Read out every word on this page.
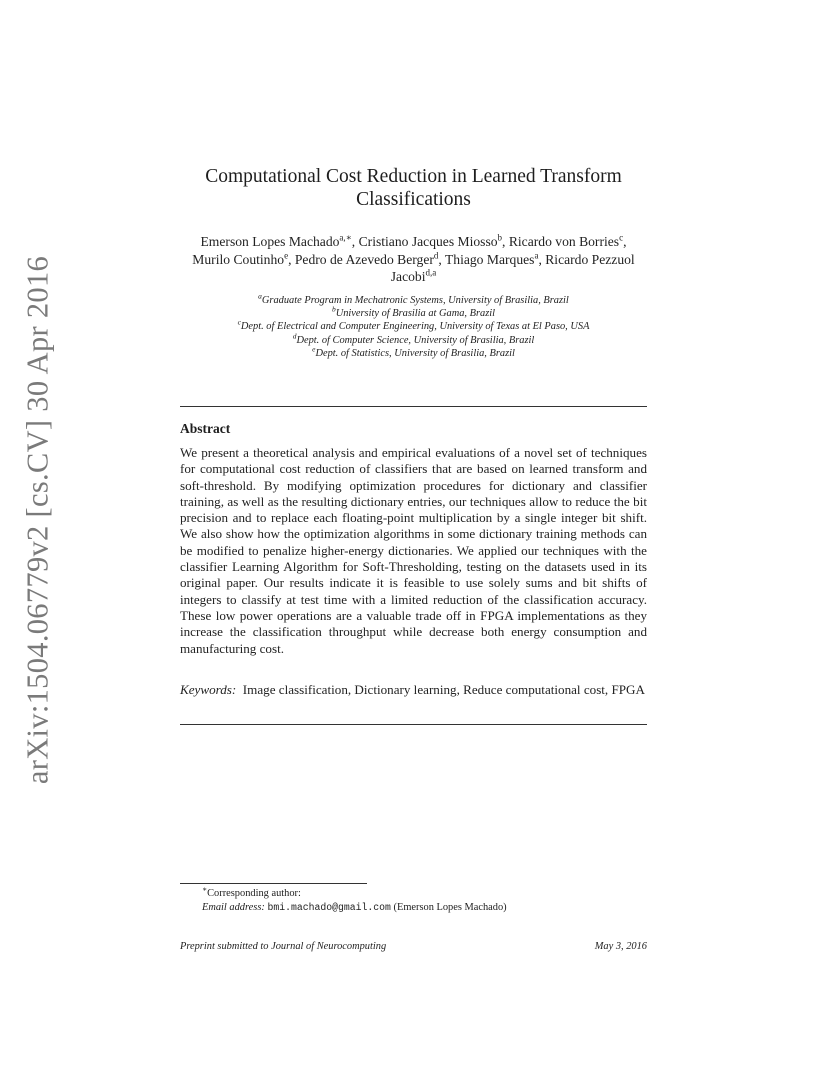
arXiv:1504.06779v2 [cs.CV] 30 Apr 2016
Computational Cost Reduction in Learned Transform Classifications
Emerson Lopes Machado$^{a,∗}$, Cristiano Jacques Miosso$^b$, Ricardo von Borries$^c$,
Murilo Coutinho$^e$, Pedro de Azevedo Berger$^d$, Thiago Marques$^a$, Ricardo Pezzuol Jacobi$^{d,a}$
$^a$Graduate Program in Mechatronic Systems, University of Brasilia, Brazil
$^b$University of Brasilia at Gama, Brazil
$^c$Dept. of Electrical and Computer Engineering, University of Texas at El Paso, USA
$^d$Dept. of Computer Science, University of Brasilia, Brazil
$^e$Dept. of Statistics, University of Brasilia, Brazil
Abstract
We present a theoretical analysis and empirical evaluations of a novel set of techniques for computational cost reduction of classifiers that are based on learned transform and soft-threshold. By modifying optimization procedures for dictionary and classifier training, as well as the resulting dictionary entries, our techniques allow to reduce the bit precision and to replace each floating-point multiplication by a single integer bit shift. We also show how the optimization algorithms in some dictionary training methods can be modified to penalize higher-energy dictionaries. We applied our techniques with the classifier Learning Algorithm for Soft-Thresholding, testing on the datasets used in its original paper. Our results indicate it is feasible to use solely sums and bit shifts of integers to classify at test time with a limited reduction of the classification accuracy. These low power operations are a valuable trade off in FPGA implementations as they increase the classification throughput while decrease both energy consumption and manufacturing cost.
Keywords: Image classification, Dictionary learning, Reduce computational cost, FPGA
∗Corresponding author:
Email address: bmi.machado@gmail.com (Emerson Lopes Machado)
Preprint submitted to Journal of Neurocomputing	May 3, 2016
